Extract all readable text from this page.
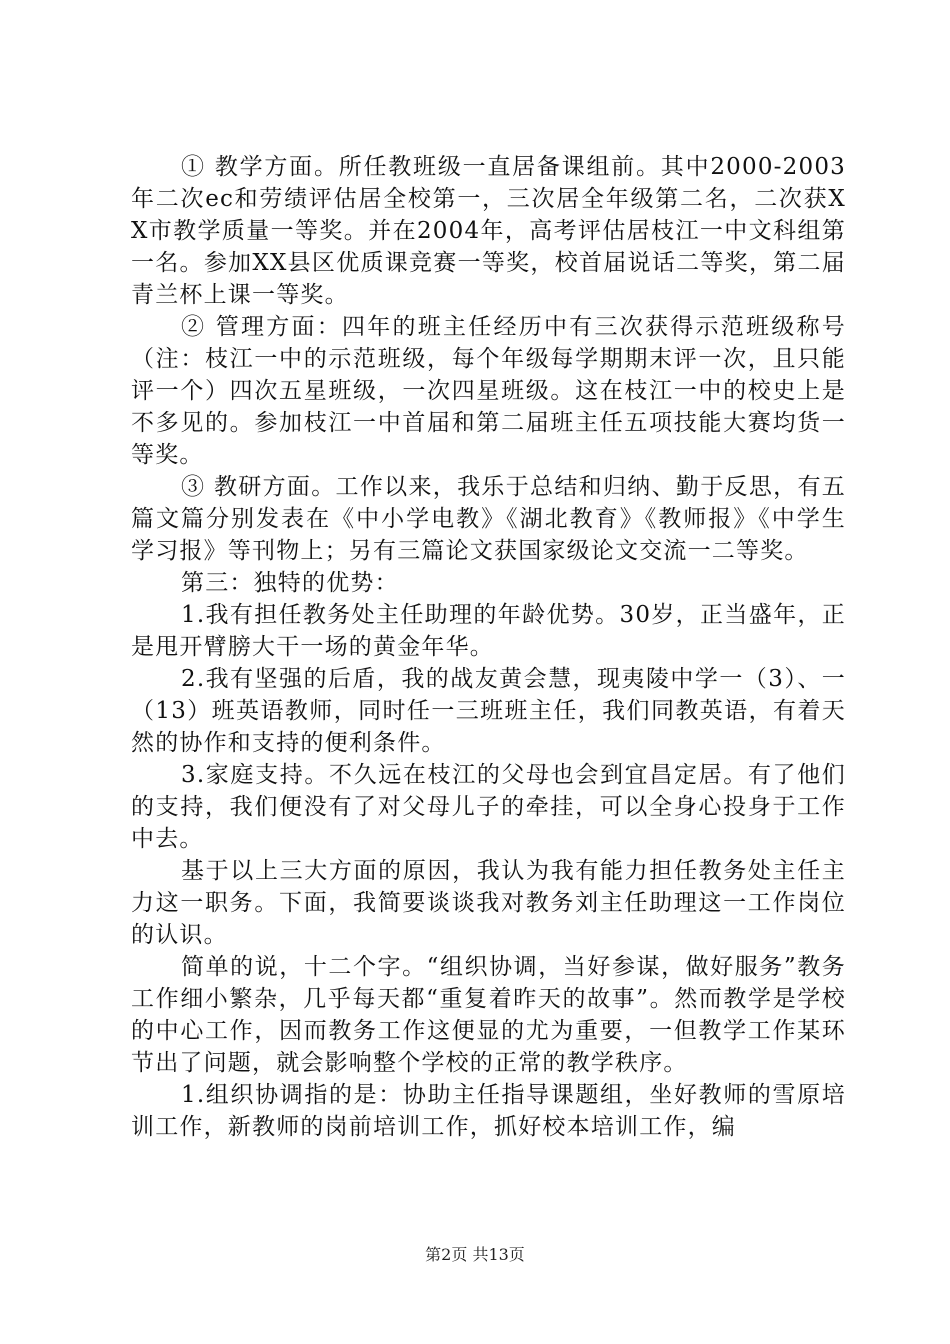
① 教学方面。所任教班级一直居备课组前。其中2000-2003年二次ec和劳绩评估居全校第一，三次居全年级第二名，二次获XX市教学质量一等奖。并在2004年，高考评估居枝江一中文科组第一名。参加XX县区优质课竞赛一等奖，校首届说话二等奖，第二届青兰杯上课一等奖。

② 管理方面：四年的班主任经历中有三次获得示范班级称号（注：枝江一中的示范班级，每个年级每学期期末评一次，且只能评一个）四次五星班级，一次四星班级。这在枝江一中的校史上是不多见的。参加枝江一中首届和第二届班主任五项技能大赛均货一等奖。

③ 教研方面。工作以来，我乐于总结和归纳、勤于反思，有五篇文篇分别发表在《中小学电教》《湖北教育》《教师报》《中学生学习报》等刊物上；另有三篇论文获国家级论文交流一二等奖。

第三：独特的优势：

1.我有担任教务处主任助理的年龄优势。30岁，正当盛年，正是甩开臂膀大干一场的黄金年华。

2.我有坚强的后盾，我的战友黄会慧，现夷陵中学一（3）、一（13）班英语教师，同时任一三班班主任，我们同教英语，有着天然的协作和支持的便利条件。

3.家庭支持。不久远在枝江的父母也会到宜昌定居。有了他们的支持，我们便没有了对父母儿子的牵挂，可以全身心投身于工作中去。

基于以上三大方面的原因，我认为我有能力担任教务处主任主力这一职务。下面，我简要谈谈我对教务刘主任助理这一工作岗位的认识。

简单的说，十二个字。“组织协调，当好参谋，做好服务”教务工作细小繁杂，几乎每天都“重复着昨天的故事”。然而教学是学校的中心工作，因而教务工作这便显的尤为重要，一但教学工作某环节出了问题，就会影响整个学校的正常的教学秩序。

1.组织协调指的是：协助主任指导课题组，坐好教师的雪原培训工作，新教师的岗前培训工作，抓好校本培训工作，编

第2页 共13页
